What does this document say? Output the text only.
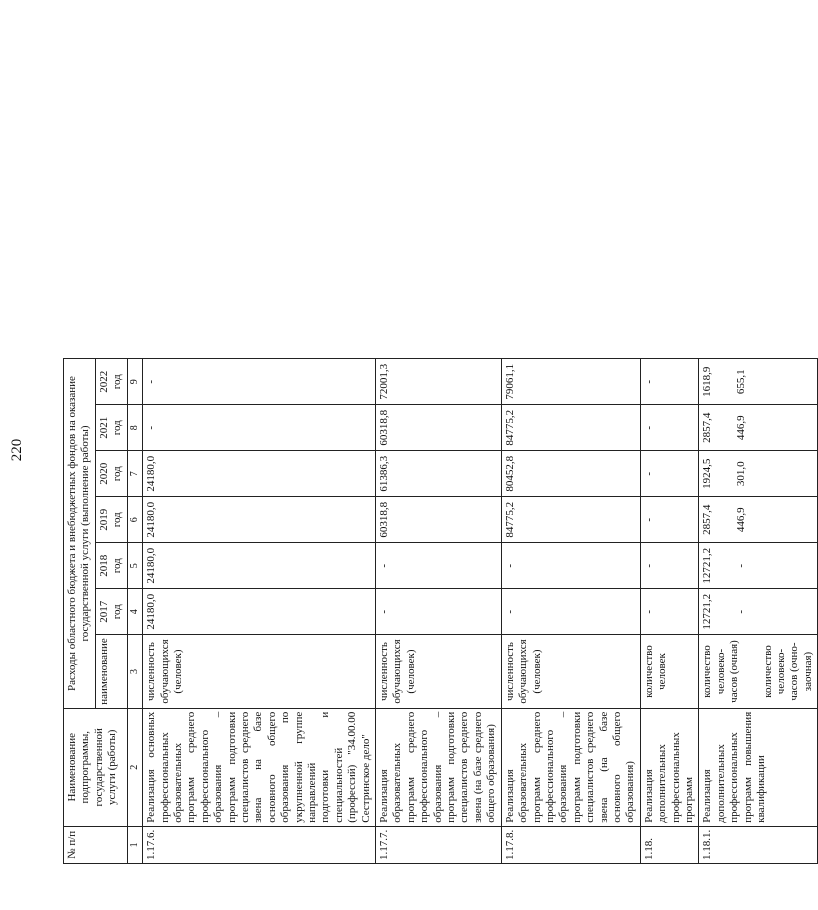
220
№ п/п	Наименование подпрограммы, государственной услуги (работы)	Расходы областного бюджета и внебюджетных фондов на оказание государственной услуги (выполнение работы)						
		наименование	2017 год	2018 год	2019 год	2020 год	2021 год	2022 год
1	2	3	4	5	6	7	8	9
1.17.6.	Реализация основных профессиональных образовательных программ среднего профессионального образования – программ подготовки специалистов среднего звена на базе основного общего образования по укрупненной группе направлений подготовки и специальностей (профессий) "34.00.00 Сестринское дело"	численность обучающихся (человек)	24180,0	24180,0	24180,0	24180,0	-	-
1.17.7.	Реализация образовательных программ среднего профессионального образования – программ подготовки специалистов среднего звена (на базе среднего общего образования)	численность обучающихся (человек)	-	-	60318,8	61386,3	60318,8	72001,3
1.17.8.	Реализация образовательных программ среднего профессионального образования – программ подготовки специалистов среднего звена (на базе основного общего образования)	численность обучающихся (человек)	-	-	84775,2	80452,8	84775,2	79061,1
1.18.	Реализация дополнительных профессиональных программ	количество человек	-	-	-	-	-	-
1.18.1.	Реализация дополнительных профессиональных программ повышения квалификации	количество человеко-часов (очная) количество человеко-часов (очно-заочная)	12721,2 -	12721,2 -	2857,4 446,9	1924,5 301,0	2857,4 446,9	1618,9 655,1
